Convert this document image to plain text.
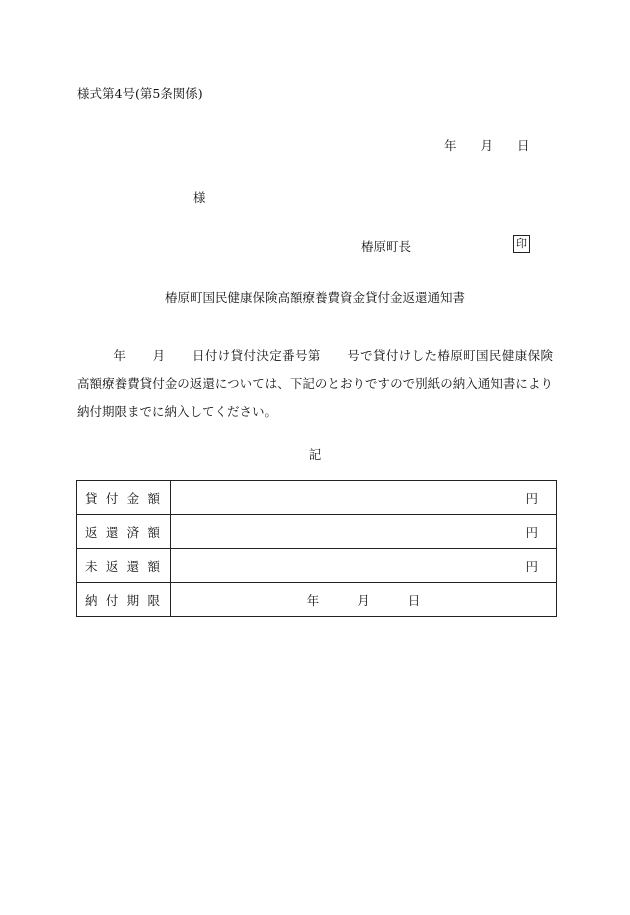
様式第4号(第5条関係)
年 月 日
様
椿原町長	印
椿原町国民健康保険高額療養費資金貸付金返還通知書
年 月 日付け貸付決定番号第 号で貸付けした椿原町国民健康保険高額療養費貸付金の返還については、下記のとおりですので別紙の納入通知書により納付期限までに納入してください。
記
貸付金額	円
返還済額	円
未返還額	円
納付期限	年 月 日
